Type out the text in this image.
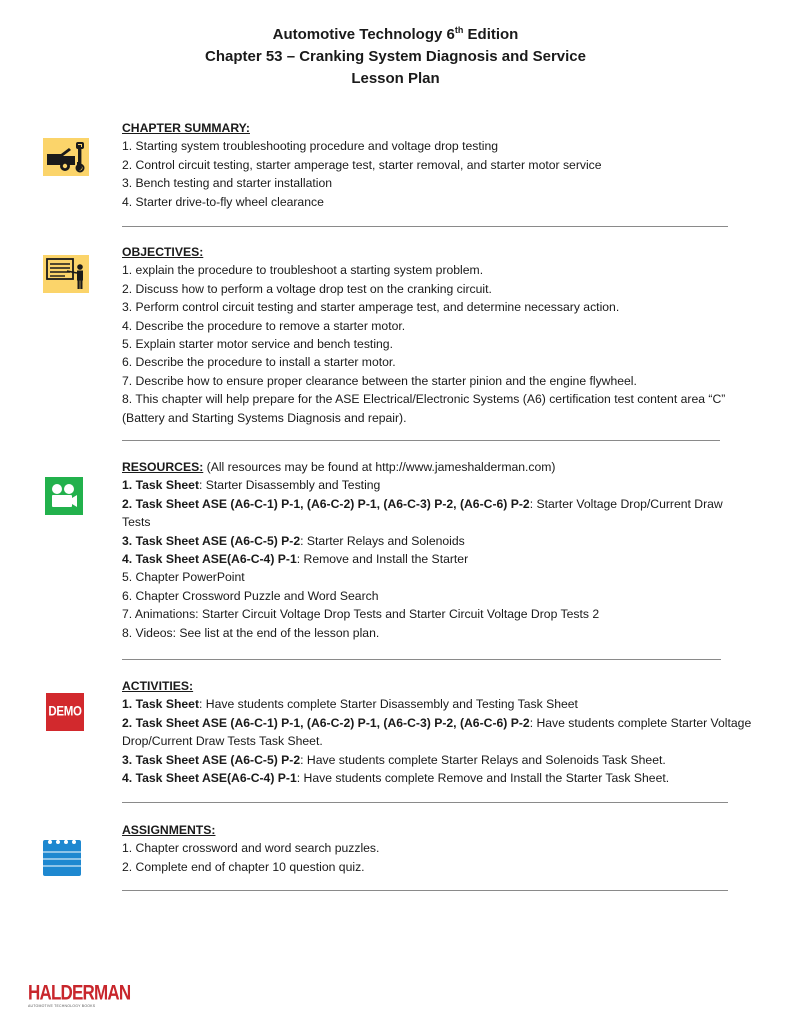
Automotive Technology 6th Edition
Chapter 53 – Cranking System Diagnosis and Service
Lesson Plan
CHAPTER SUMMARY:
1. Starting system troubleshooting procedure and voltage drop testing
2. Control circuit testing, starter amperage test, starter removal, and starter motor service
3. Bench testing and starter installation
4. Starter drive-to-fly wheel clearance
OBJECTIVES:
1. explain the procedure to troubleshoot a starting system problem.
2. Discuss how to perform a voltage drop test on the cranking circuit.
3. Perform control circuit testing and starter amperage test, and determine necessary action.
4. Describe the procedure to remove a starter motor.
5. Explain starter motor service and bench testing.
6. Describe the procedure to install a starter motor.
7. Describe how to ensure proper clearance between the starter pinion and the engine flywheel.
8. This chapter will help prepare for the ASE Electrical/Electronic Systems (A6) certification test content area “C” (Battery and Starting Systems Diagnosis and repair).
RESOURCES: (All resources may be found at http://www.jameshalderman.com)
1. Task Sheet: Starter Disassembly and Testing
2. Task Sheet ASE (A6-C-1) P-1, (A6-C-2) P-1, (A6-C-3) P-2, (A6-C-6) P-2: Starter Voltage Drop/Current Draw Tests
3. Task Sheet ASE (A6-C-5) P-2: Starter Relays and Solenoids
4. Task Sheet ASE(A6-C-4) P-1: Remove and Install the Starter
5. Chapter PowerPoint
6. Chapter Crossword Puzzle and Word Search
7. Animations: Starter Circuit Voltage Drop Tests and Starter Circuit Voltage Drop Tests 2
8. Videos: See list at the end of the lesson plan.
DEMO
ACTIVITIES:
1. Task Sheet: Have students complete Starter Disassembly and Testing Task Sheet
2. Task Sheet ASE (A6-C-1) P-1, (A6-C-2) P-1, (A6-C-3) P-2, (A6-C-6) P-2: Have students complete Starter Voltage Drop/Current Draw Tests Task Sheet.
3. Task Sheet ASE (A6-C-5) P-2: Have students complete Starter Relays and Solenoids Task Sheet.
4. Task Sheet ASE(A6-C-4) P-1: Have students complete Remove and Install the Starter Task Sheet.
ASSIGNMENTS:
1. Chapter crossword and word search puzzles.
2. Complete end of chapter 10 question quiz.
HALDERMAN
AUTOMOTIVE TECHNOLOGY BOOKS
